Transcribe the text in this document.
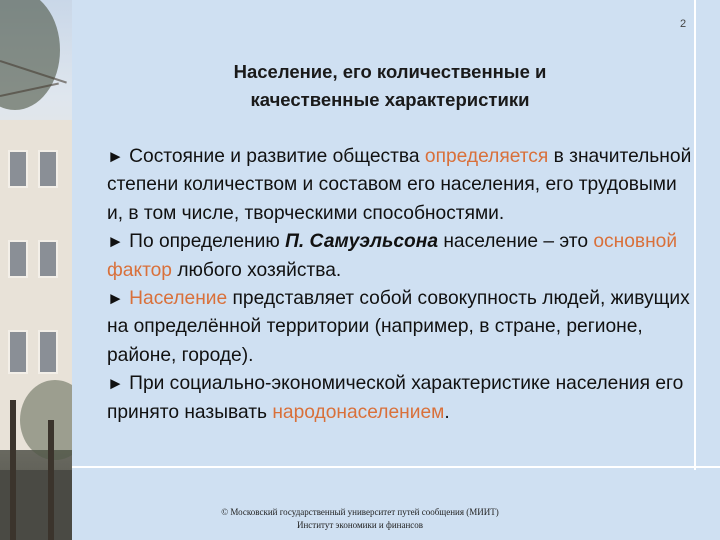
2
Население, его количественные и
качественные характеристики

► Состояние и развитие общества определяется в значительной степени количеством и составом его населения, его трудовыми и, в том числе, творческими способностями.

► По определению П. Самуэльсона население – это основной фактор любого хозяйства.

► Население представляет собой совокупность людей, живущих на определённой территории (например, в стране, регионе, районе, городе).

► При социально-экономической характеристике населения его принято называть народонаселением.

© Московский государственный университет путей сообщения (МИИТ)
Институт экономики и финансов
